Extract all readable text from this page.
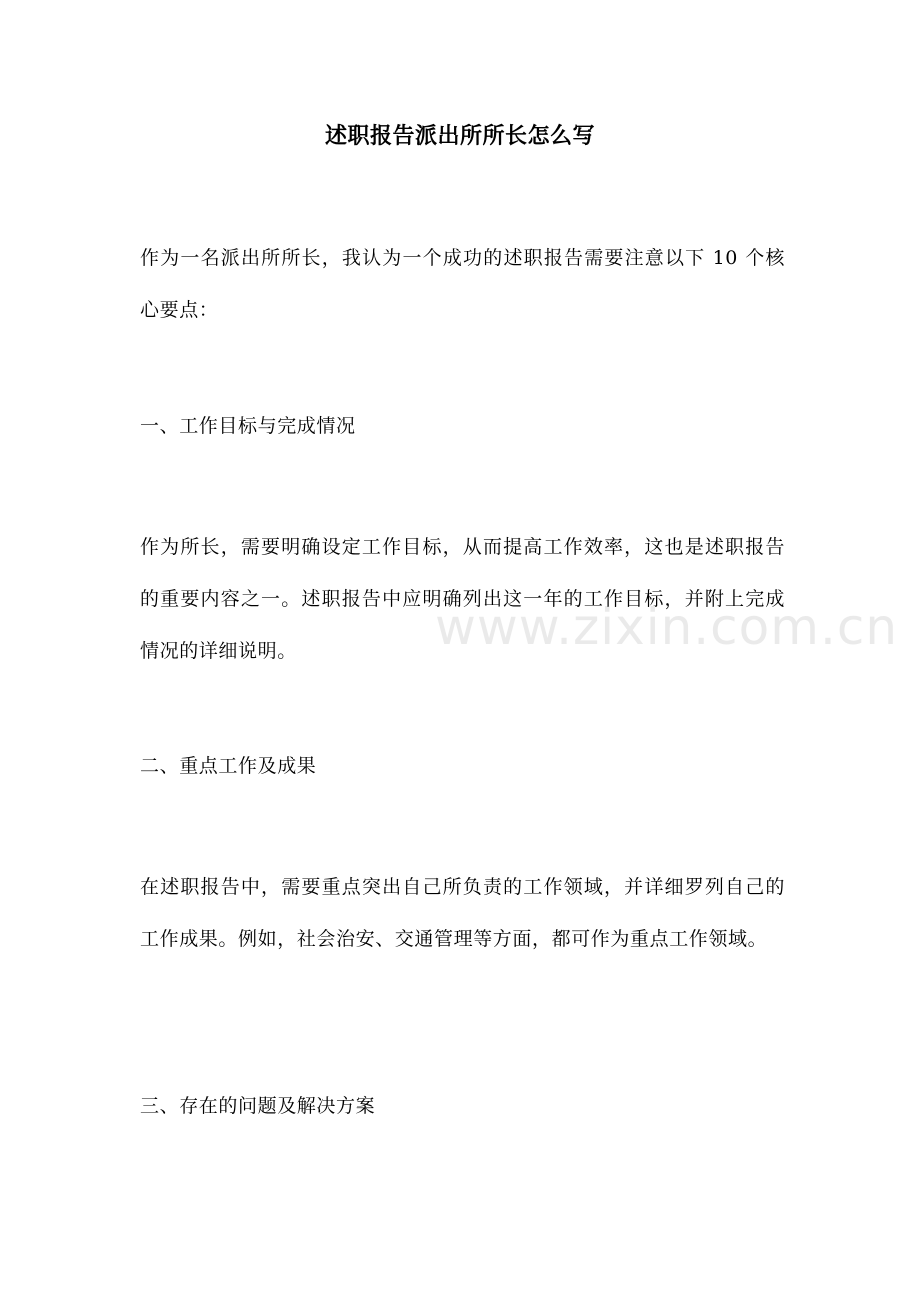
述职报告派出所所长怎么写
作为一名派出所所长，我认为一个成功的述职报告需要注意以下 10 个核心要点：
一、工作目标与完成情况
作为所长，需要明确设定工作目标，从而提高工作效率，这也是述职报告的重要内容之一。述职报告中应明确列出这一年的工作目标，并附上完成情况的详细说明。
二、重点工作及成果
在述职报告中，需要重点突出自己所负责的工作领域，并详细罗列自己的工作成果。例如，社会治安、交通管理等方面，都可作为重点工作领域。
三、存在的问题及解决方案
www.zixin.com.cn
